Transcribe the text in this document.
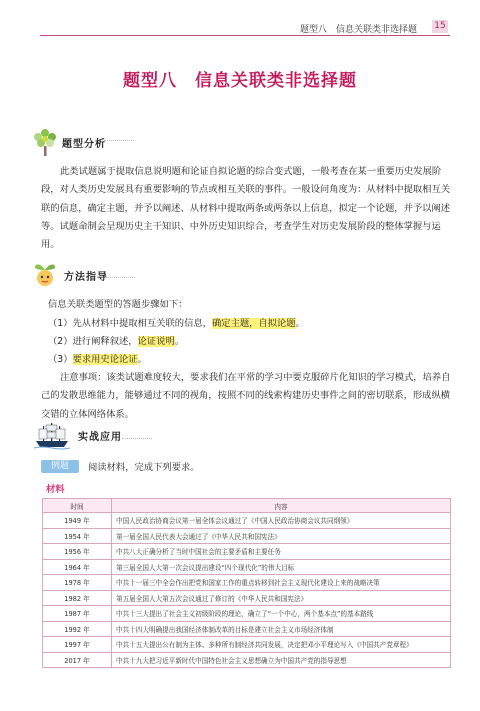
题型八　信息关联类非选择题 15
题型八　信息关联类非选择题
题型分析
此类试题属于提取信息说明题和论证自拟论题的综合变式题，一般考查在某一重要历史发展阶段，对人类历史发展具有重要影响的节点或相互关联的事件。一般设问角度为：从材料中提取相互关联的信息，确定主题，并予以阐述、从材料中提取两条或两条以上信息，拟定一个论题，并予以阐述等。试题命制会呈现历史主干知识、中外历史知识综合，考查学生对历史发展阶段的整体掌握与运用。
方法指导
信息关联类题型的答题步骤如下：
（1）先从材料中提取相互关联的信息，确定主题，自拟论题。
（2）进行阐释叙述，论证说明。
（3）要求用史论论证。
注意事项：该类试题难度较大，要求我们在平常的学习中要克服碎片化知识的学习模式，培养自己的发散思维能力，能够通过不同的视角，按照不同的线索构建历史事件之间的密切联系，形成纵横交错的立体网络体系。
实战应用
例题	阅读材料，完成下列要求。
材料
时间	内容
1949 年	中国人民政治协商会议第一届全体会议通过了《中国人民政治协商会议共同纲领》
1954 年	第一届全国人民代表大会通过了《中华人民共和国宪法》
1956 年	中共八大正确分析了当时中国社会的主要矛盾和主要任务
1964 年	第三届全国人大第一次会议提出建设“四个现代化”的伟大目标
1978 年	中共十一届三中全会作出把党和国家工作的重点转移到社会主义现代化建设上来的战略决策
1982 年	第五届全国人大第五次会议通过了修订的《中华人民共和国宪法》
1987 年	中共十三大提出了社会主义初级阶段的理论，确立了“一个中心，两个基本点”的基本路线
1992 年	中共十四大明确提出我国经济体制改革的目标是建立社会主义市场经济体制
1997 年	中共十五大提出公有制为主体、多种所有制经济共同发展，决定把邓小平理论写入《中国共产党章程》
2017 年	中共十九大把习近平新时代中国特色社会主义思想确立为中国共产党的指导思想
